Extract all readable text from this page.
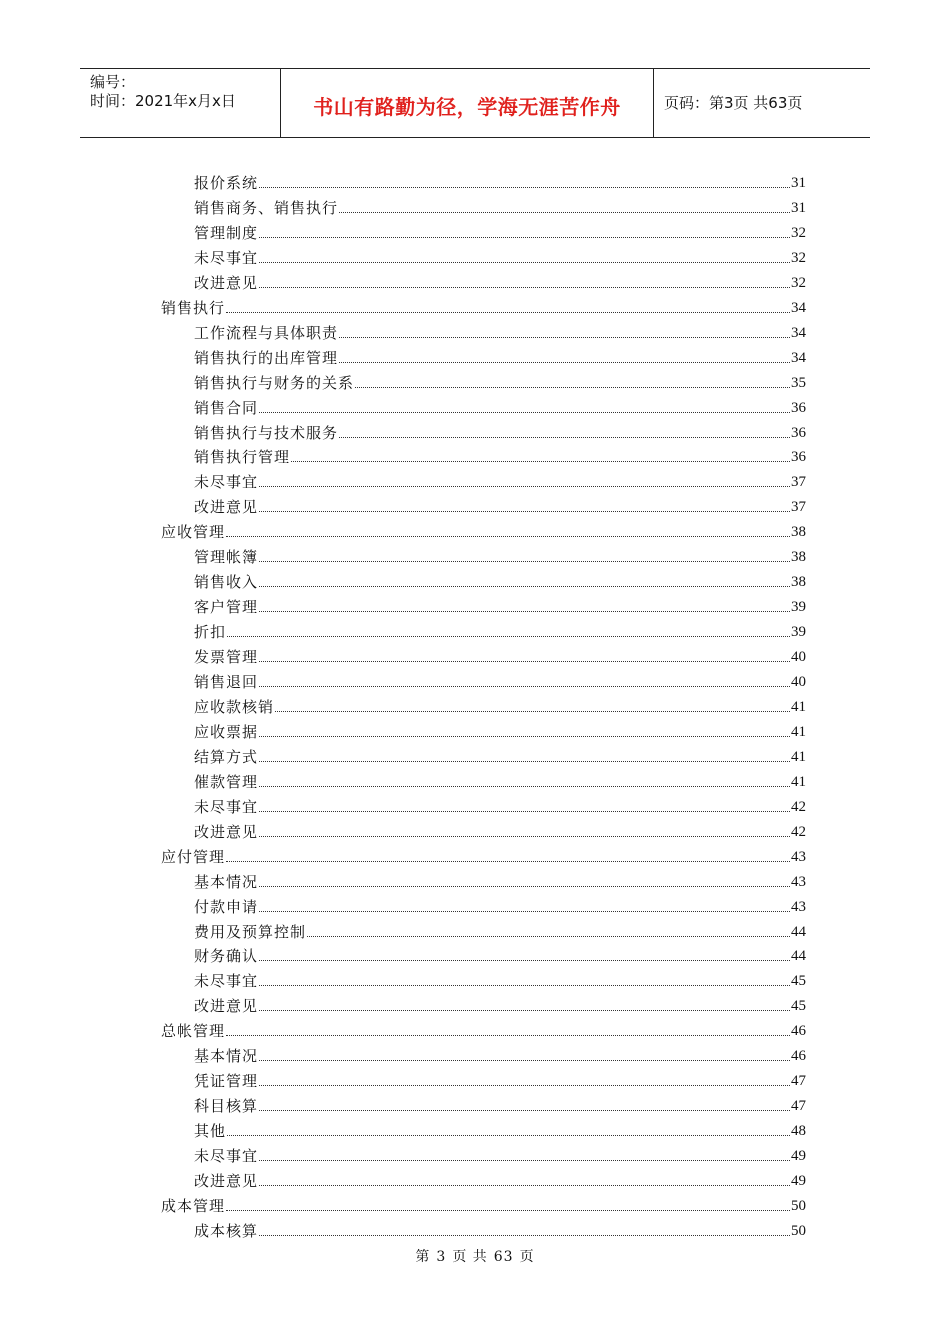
编号：
时间：2021年x月x日	书山有路勤为径，学海无涯苦作舟	页码：第3页 共63页
报价系统	31
销售商务、销售执行	31
管理制度	32
未尽事宜	32
改进意见	32
销售执行	34
工作流程与具体职责	34
销售执行的出库管理	34
销售执行与财务的关系	35
销售合同	36
销售执行与技术服务	36
销售执行管理	36
未尽事宜	37
改进意见	37
应收管理	38
管理帐簿	38
销售收入	38
客户管理	39
折扣	39
发票管理	40
销售退回	40
应收款核销	41
应收票据	41
结算方式	41
催款管理	41
未尽事宜	42
改进意见	42
应付管理	43
基本情况	43
付款申请	43
费用及预算控制	44
财务确认	44
未尽事宜	45
改进意见	45
总帐管理	46
基本情况	46
凭证管理	47
科目核算	47
其他	48
未尽事宜	49
改进意见	49
成本管理	50
成本核算	50
第 3 页 共 63 页
